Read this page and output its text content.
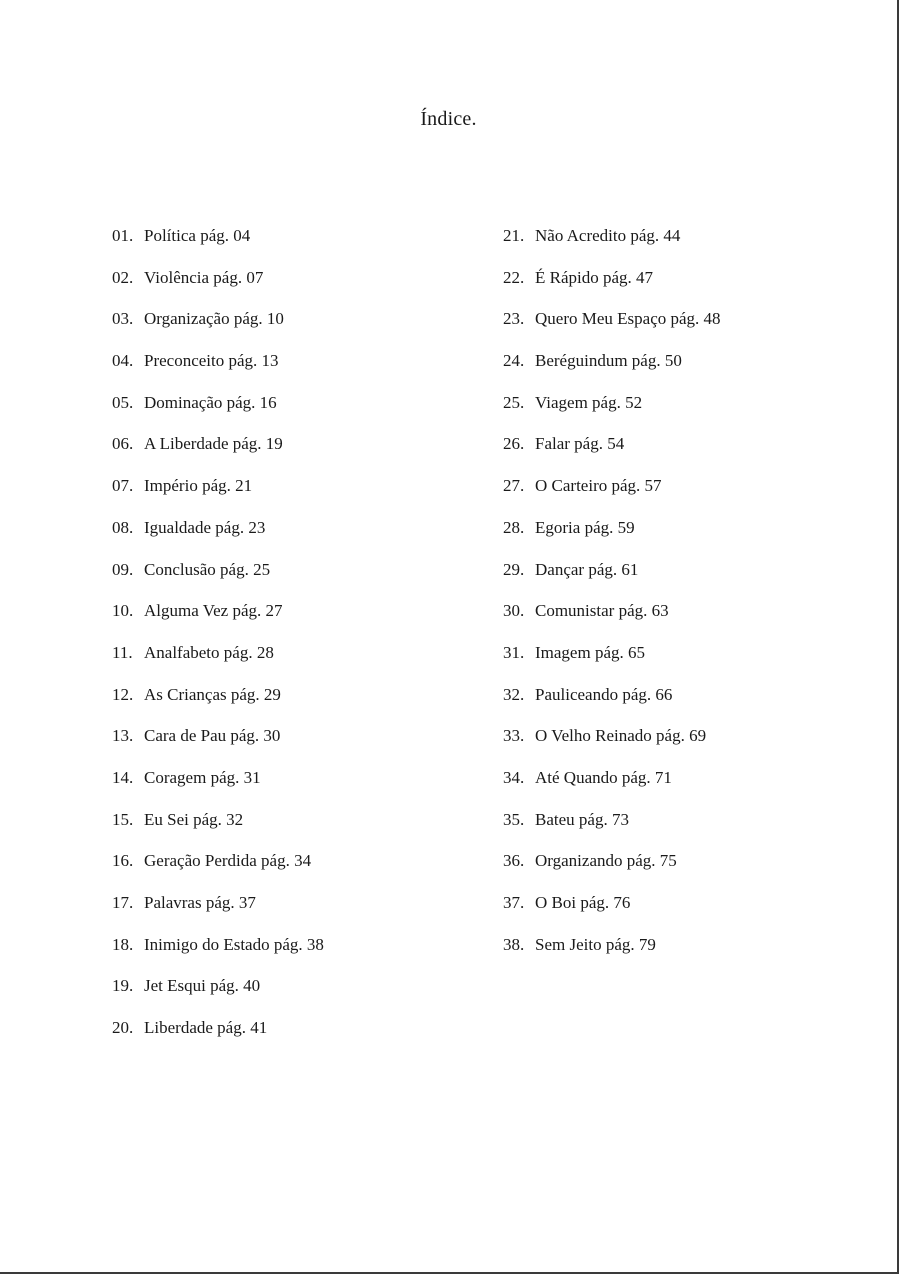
Índice.
01. Política pág. 04
02. Violência pág. 07
03. Organização pág. 10
04. Preconceito pág. 13
05. Dominação pág. 16
06. A Liberdade pág. 19
07. Império pág. 21
08. Igualdade pág. 23
09. Conclusão pág. 25
10. Alguma Vez pág. 27
11. Analfabeto pág. 28
12. As Crianças pág. 29
13. Cara de Pau pág. 30
14. Coragem pág. 31
15. Eu Sei pág. 32
16. Geração Perdida pág. 34
17. Palavras pág. 37
18. Inimigo do Estado pág. 38
19. Jet Esqui pág. 40
20. Liberdade pág. 41
21. Não Acredito pág. 44
22. É Rápido pág. 47
23. Quero Meu Espaço pág. 48
24. Beréguindum pág. 50
25. Viagem pág. 52
26. Falar pág. 54
27. O Carteiro pág. 57
28. Egoria pág. 59
29. Dançar pág. 61
30. Comunistar pág. 63
31. Imagem pág. 65
32. Pauliceando pág. 66
33. O Velho Reinado pág. 69
34. Até Quando pág. 71
35. Bateu pág. 73
36. Organizando pág. 75
37. O Boi pág. 76
38. Sem Jeito pág. 79
